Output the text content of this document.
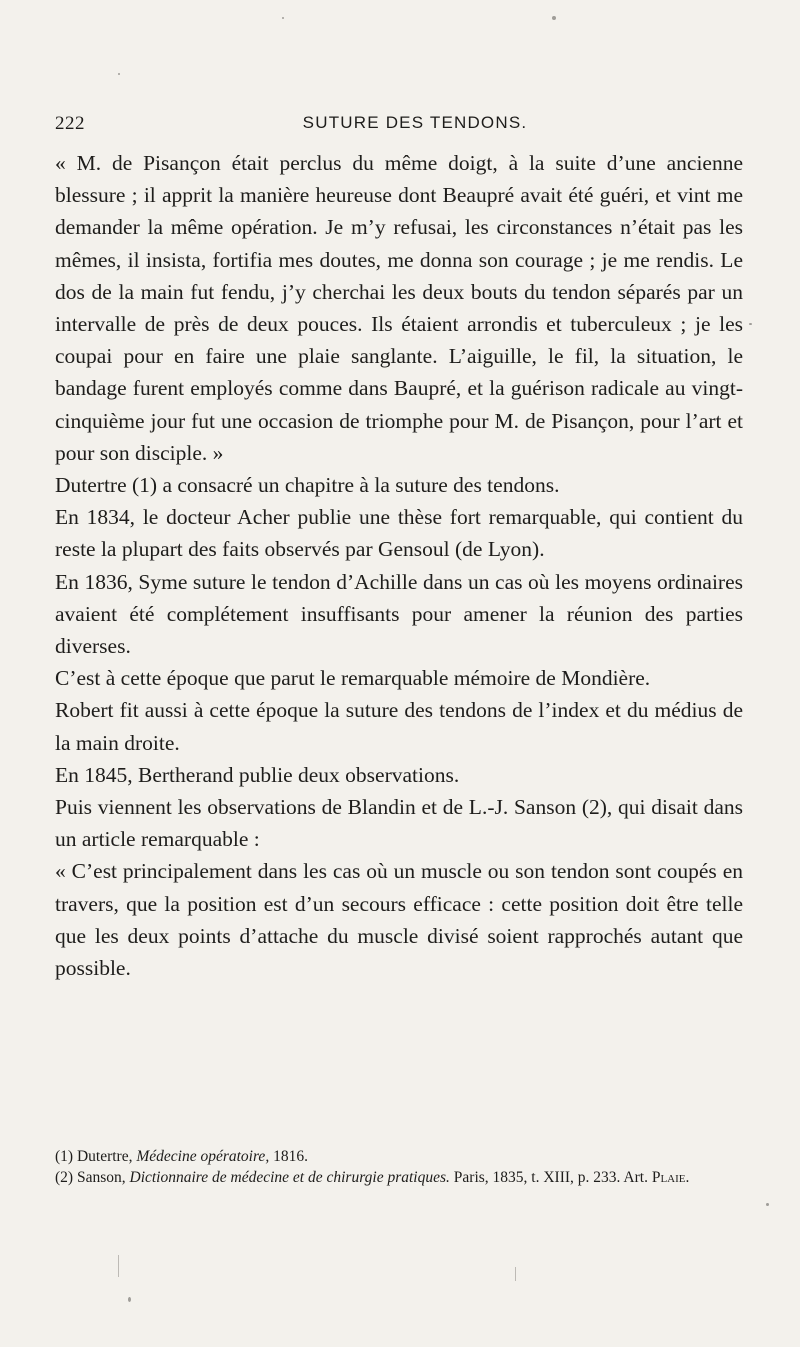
222	SUTURE DES TENDONS.

« M. de Pisançon était perclus du même doigt, à la suite d’une ancienne blessure ; il apprit la manière heureuse dont Beaupré avait été guéri, et vint me demander la même opération. Je m’y refusai, les circonstances n’était pas les mêmes, il insista, fortifia mes doutes, me donna son courage ; je me rendis. Le dos de la main fut fendu, j’y cherchai les deux bouts du tendon séparés par un intervalle de près de deux pouces. Ils étaient arrondis et tuberculeux ; je les coupai pour en faire une plaie sanglante. L’aiguille, le fil, la situation, le bandage furent employés comme dans Baupré, et la guérison radicale au vingt-cinquième jour fut une occasion de triomphe pour M. de Pisançon, pour l’art et pour son disciple. »

Dutertre (1) a consacré un chapitre à la suture des tendons.

En 1834, le docteur Acher publie une thèse fort remarquable, qui contient du reste la plupart des faits observés par Gensoul (de Lyon).

En 1836, Syme suture le tendon d’Achille dans un cas où les moyens ordinaires avaient été complétement insuffisants pour amener la réunion des parties diverses.

C’est à cette époque que parut le remarquable mémoire de Mondière.

Robert fit aussi à cette époque la suture des tendons de l’index et du médius de la main droite.

En 1845, Bertherand publie deux observations.

Puis viennent les observations de Blandin et de L.-J. Sanson (2), qui disait dans un article remarquable :

« C’est principalement dans les cas où un muscle ou son tendon sont coupés en travers, que la position est d’un secours efficace : cette position doit être telle que les deux points d’attache du muscle divisé soient rapprochés autant que possible.

(1) Dutertre, Médecine opératoire, 1816.

(2) Sanson, Dictionnaire de médecine et de chirurgie pratiques. Paris, 1835, t. XIII, p. 233. Art. Plaie.
